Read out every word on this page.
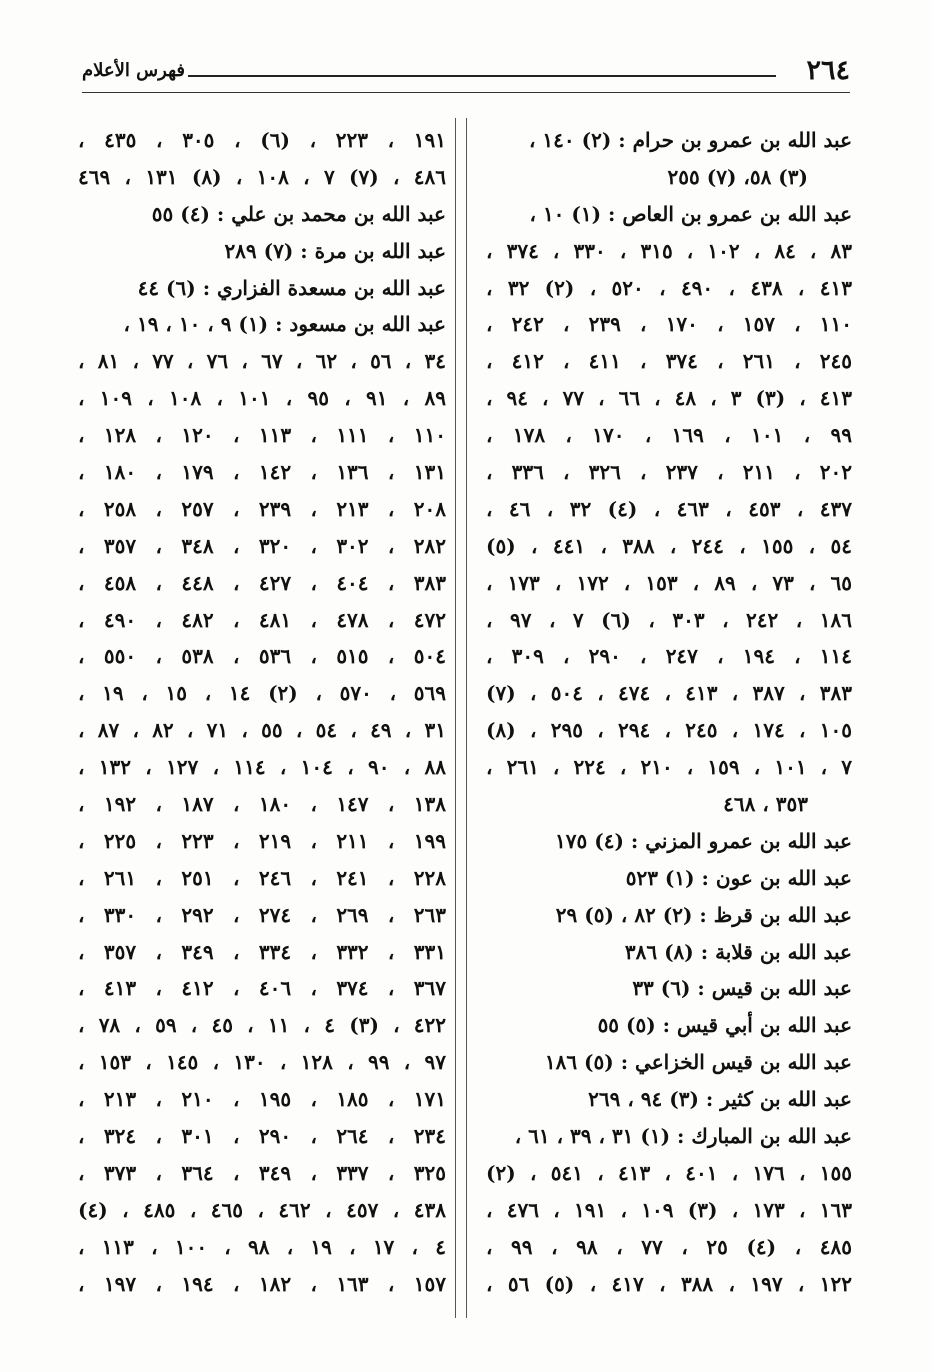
٢٦٤
فهرس الأعلام
عبد الله بن عمرو بن حرام : (٢) ١٤٠ ،
(٣) ٥٨، (٧) ٢٥٥
عبد الله بن عمرو بن العاص : (١) ١٠ ،
٨٣ ، ٨٤ ، ١٠٢ ، ٣١٥ ، ٣٣٠ ، ٣٧٤ ،
٤١٣ ، ٤٣٨ ، ٤٩٠ ، ٥٢٠ ، (٢) ٣٢ ،
١١٠ ، ١٥٧ ، ١٧٠ ، ٢٣٩ ، ٢٤٢ ،
٢٤٥ ، ٢٦١ ، ٣٧٤ ، ٤١١ ، ٤١٢ ،
٤١٣ ، (٣) ٣ ، ٤٨ ، ٦٦ ، ٧٧ ، ٩٤ ،
٩٩ ، ١٠١ ، ١٦٩ ، ١٧٠ ، ١٧٨ ،
٢٠٢ ، ٢١١ ، ٢٣٧ ، ٣٢٦ ، ٣٣٦ ،
٤٣٧ ، ٤٥٣ ، ٤٦٣ ، (٤) ٣٢ ، ٤٦ ،
٥٤ ، ١٥٥ ، ٢٤٤ ، ٣٨٨ ، ٤٤١ ، (٥)
٦٥ ، ٧٣ ، ٨٩ ، ١٥٣ ، ١٧٢ ، ١٧٣ ،
١٨٦ ، ٢٤٢ ، ٣٠٣ ، (٦) ٧ ، ٩٧ ،
١١٤ ، ١٩٤ ، ٢٤٧ ، ٢٩٠ ، ٣٠٩ ،
٣٨٣ ، ٣٨٧ ، ٤١٣ ، ٤٧٤ ، ٥٠٤ ، (٧)
١٠٥ ، ١٧٤ ، ٢٤٥ ، ٢٩٤ ، ٢٩٥ ، (٨)
٧ ، ١٠١ ، ١٥٩ ، ٢١٠ ، ٢٢٤ ، ٢٦١ ،
٣٥٣ ، ٤٦٨
عبد الله بن عمرو المزني : (٤) ١٧٥
عبد الله بن عون : (١) ٥٢٣
عبد الله بن قرظ : (٢) ٨٢ ، (٥) ٢٩
عبد الله بن قلابة : (٨) ٣٨٦
عبد الله بن قيس : (٦) ٣٣
عبد الله بن أبي قيس : (٥) ٥٥
عبد الله بن قيس الخزاعي : (٥) ١٨٦
عبد الله بن كثير : (٣) ٩٤ ، ٢٦٩
عبد الله بن المبارك : (١) ٣١ ، ٣٩ ، ٦١ ،
١٥٥ ، ١٧٦ ، ٤٠١ ، ٤١٣ ، ٥٤١ ، (٢)
١٦٣ ، ١٧٣ ، (٣) ١٠٩ ، ١٩١ ، ٤٧٦ ،
٤٨٥ ، (٤) ٢٥ ، ٧٧ ، ٩٨ ، ٩٩ ،
١٢٢ ، ١٩٧ ، ٣٨٨ ، ٤١٧ ، (٥) ٥٦ ،
١٩١ ، ٢٢٣ ، (٦) ، ٣٠٥ ، ٤٣٥ ،
٤٨٦ ، (٧) ٧ ، ١٠٨ ، (٨) ١٣١ ، ٤٦٩
عبد الله بن محمد بن علي : (٤) ٥٥
عبد الله بن مرة : (٧) ٢٨٩
عبد الله بن مسعدة الفزاري : (٦) ٤٤
عبد الله بن مسعود : (١) ٩ ، ١٠ ، ١٩ ،
٣٤ ، ٥٦ ، ٦٢ ، ٦٧ ، ٧٦ ، ٧٧ ، ٨١ ،
٨٩ ، ٩١ ، ٩٥ ، ١٠١ ، ١٠٨ ، ١٠٩ ،
١١٠ ، ١١١ ، ١١٣ ، ١٢٠ ، ١٢٨ ،
١٣١ ، ١٣٦ ، ١٤٢ ، ١٧٩ ، ١٨٠ ،
٢٠٨ ، ٢١٣ ، ٢٣٩ ، ٢٥٧ ، ٢٥٨ ،
٢٨٢ ، ٣٠٢ ، ٣٢٠ ، ٣٤٨ ، ٣٥٧ ،
٣٨٣ ، ٤٠٤ ، ٤٢٧ ، ٤٤٨ ، ٤٥٨ ،
٤٧٢ ، ٤٧٨ ، ٤٨١ ، ٤٨٢ ، ٤٩٠ ،
٥٠٤ ، ٥١٥ ، ٥٣٦ ، ٥٣٨ ، ٥٥٠ ،
٥٦٩ ، ٥٧٠ ، (٢) ١٤ ، ١٥ ، ١٩ ،
٣١ ، ٤٩ ، ٥٤ ، ٥٥ ، ٧١ ، ٨٢ ، ٨٧ ،
٨٨ ، ٩٠ ، ١٠٤ ، ١١٤ ، ١٢٧ ، ١٣٢ ،
١٣٨ ، ١٤٧ ، ١٨٠ ، ١٨٧ ، ١٩٢ ،
١٩٩ ، ٢١١ ، ٢١٩ ، ٢٢٣ ، ٢٢٥ ،
٢٢٨ ، ٢٤١ ، ٢٤٦ ، ٢٥١ ، ٢٦١ ،
٢٦٣ ، ٢٦٩ ، ٢٧٤ ، ٢٩٢ ، ٣٣٠ ،
٣٣١ ، ٣٣٢ ، ٣٣٤ ، ٣٤٩ ، ٣٥٧ ،
٣٦٧ ، ٣٧٤ ، ٤٠٦ ، ٤١٢ ، ٤١٣ ،
٤٢٢ ، (٣) ٤ ، ١١ ، ٤٥ ، ٥٩ ، ٧٨ ،
٩٧ ، ٩٩ ، ١٢٨ ، ١٣٠ ، ١٤٥ ، ١٥٣ ،
١٧١ ، ١٨٥ ، ١٩٥ ، ٢١٠ ، ٢١٣ ،
٢٣٤ ، ٢٦٤ ، ٢٩٠ ، ٣٠١ ، ٣٢٤ ،
٣٢٥ ، ٣٣٧ ، ٣٤٩ ، ٣٦٤ ، ٣٧٣ ،
٤٣٨ ، ٤٥٧ ، ٤٦٢ ، ٤٦٥ ، ٤٨٥ ، (٤)
٤ ، ١٧ ، ١٩ ، ٩٨ ، ١٠٠ ، ١١٣ ،
١٥٧ ، ١٦٣ ، ١٨٢ ، ١٩٤ ، ١٩٧ ،
